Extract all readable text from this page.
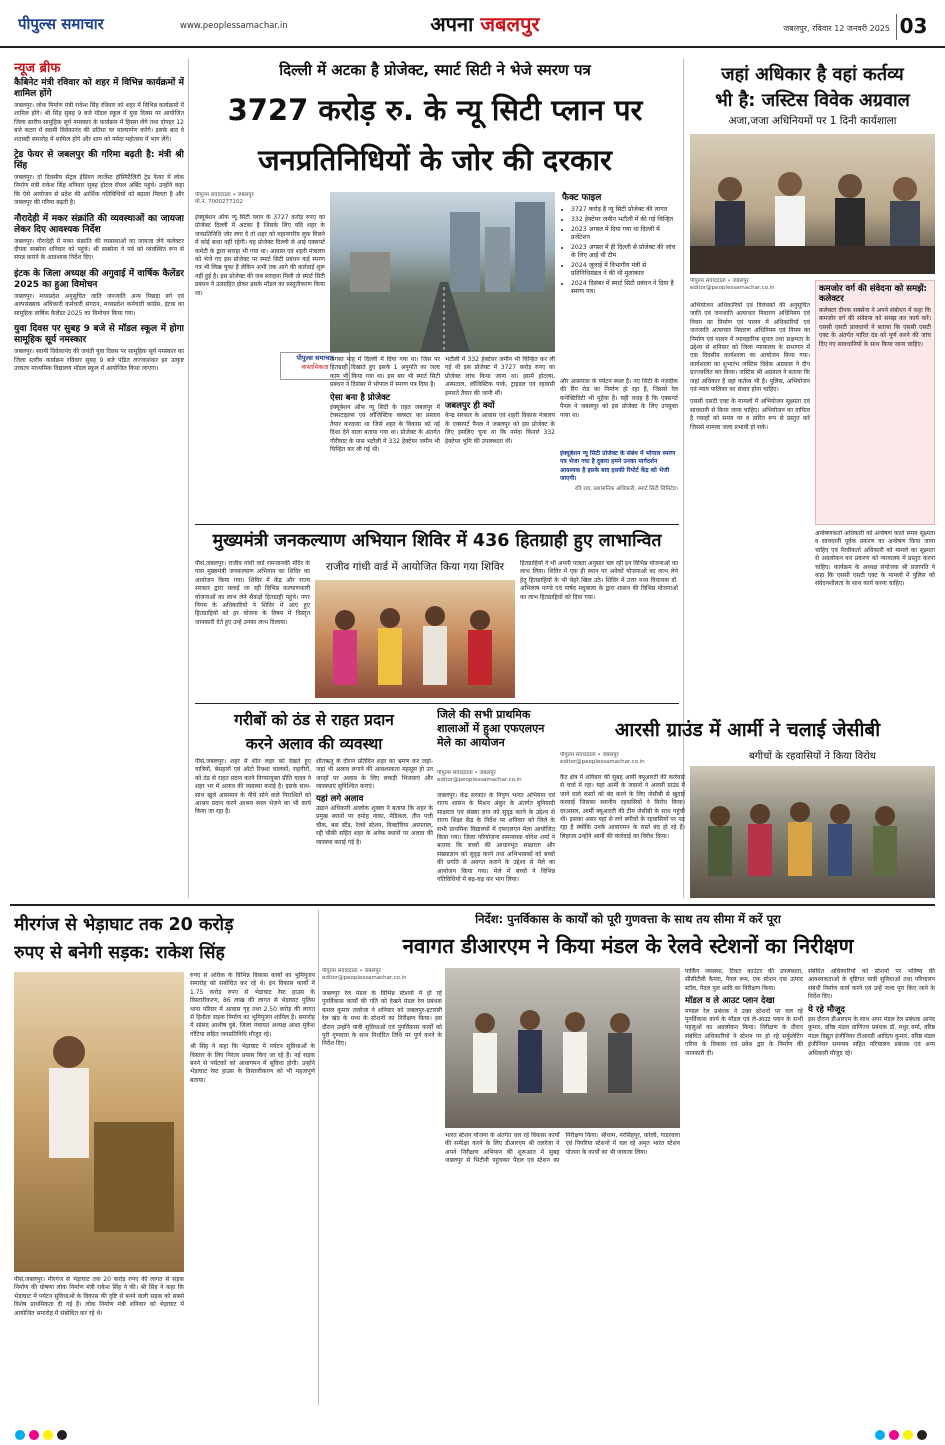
पीपुल्स समाचार	www.peoplessamachar.in	अपना जबलपुर	जबलपुर, रविवार 12 जनवरी 2025 03
न्यूज ब्रीफ
कैबिनेट मंत्री रविवार को शहर में विभिन्न कार्यक्रमों में शामिल होंगे

जबलपुर। लोक निर्माण मंत्री राकेश सिंह रविवार को शहर में विभिन्न कार्यक्रमों में शामिल होंगे। श्री सिंह सुबह 9 बजे मॉडल स्कूल में युवा दिवस पर आयोजित जिला स्तरीय सामूहिक सूर्य नमस्कार के कार्यक्रम में हिस्सा लेंगे तथा दोपहर 12 बजे कटरा में स्वामी विवेकानंद की प्रतिमा पर माल्यार्पण करेंगे। इसके बाद वे शताब्दी समारोह में शामिल होंगे और शाम को नर्मदा महोत्सव में भाग लेंगे।

ट्रेड फेयर से जबलपुर की गरिमा बढ़ती है: मंत्री श्री सिंह

जबलपुर। दो दिवसीय सेंट्रल इंडियन लार्जेस्ट हॉस्पिटैलिटी ट्रेड फेयर में लोक निर्माण मंत्री राकेश सिंह शनिवार सुबह होटल रॉयल अर्बिट पहुंचे। उन्होंने कहा कि ऐसे आयोजन से प्रदेश की आर्थिक गतिविधियों को बढ़ावा मिलता है और जबलपुर की गरिमा बढ़ती है।

नौरादेही में मकर संक्रांति की व्यवस्थाओं का जायजा लेकर दिए आवश्यक निर्देश

जबलपुर। नौरादेही में मकर संक्रांति की व्यवस्थाओं का जायजा लेने कलेक्टर दीपक सक्सेना शनिवार को पहुंचे। श्री सक्सेना ने पर्व को व्यवस्थित रूप से संपन्न कराने के आवश्यक निर्देश दिए।

इंटक के जिला अध्यक्ष की अगुवाई में वार्षिक कैलेंडर 2025 का हुआ विमोचन

जबलपुर। मध्यप्रदेश अनुसूचित जाति जनजाति अन्य पिछड़ा वर्ग एवं अल्पसंख्यक अधिकारी कर्मचारी संगठन, मध्यप्रदेश कर्मचारी कांग्रेस, इंटक का सामूहिक वार्षिक कैलेंडर 2025 का विमोचन किया गया।

युवा दिवस पर सुबह 9 बजे से मॉडल स्कूल में होगा सामूहिक सूर्य नमस्कार

जबलपुर। स्वामी विवेकानंद की जयंती युवा दिवस पर सामूहिक सूर्य नमस्कार का जिला स्तरीय कार्यक्रम रविवार सुबह 9 बजे पंडित लज्जाशंकर झा उत्कृष्ट उच्चतर माध्यमिक विद्यालय मॉडल स्कूल में आयोजित किया जाएगा।

दिल्ली में अटका है प्रोजेक्ट, स्मार्ट सिटी ने भेजे स्मरण पत्र
3727 करोड़ रु. के न्यू सिटी प्लान पर
जनप्रतिनिधियों के जोर की दरकार
फैक्ट फाइल
• 3727 करोड़ है न्यू सिटी प्रोजेक्ट की लागत
• 332 हेक्टेयर जमीन भटौली में की गई चिन्हित
• 2023 अगस्त में दिया गया था दिल्ली में प्रजेंटेशन
• 2023 अगस्त में ही दिल्ली से प्रोजेक्ट की जांच के लिए आई थी टीम
• 2024 जुलाई में विभागीय मंत्री से प्रतिनिधिमंडल ने की थी मुलाकात
• 2024 दिसंबर में स्मार्ट सिटी प्रबंधन ने दिया है स्मरण पत्र।
पीपुल्स संवाददाता • जबलपुर
मो.नं. 7000277102

इंक्यूबेशन ऑफ न्यू सिटी प्लान के 3727 करोड़ रुपए का प्रोजेक्ट दिल्ली में अटका है जिसके लिए यदि शहर के जनप्रतिनिधि जोर लगा दें तो शहर को महानगरीय लुक मिलने में कोई बाधा नहीं रहेगी। यह प्रोजेक्ट दिल्ली से आई एक्सपर्ट कमेटी के द्वारा सराहा भी गया था। आवास एवं शहरी मंत्रालय को भेजे गए इस प्रोजेक्ट पर स्मार्ट सिटी प्रबंधन कई स्मरण पत्र भी लिख चुका है लेकिन अभी तक आगे की कार्रवाई शुरू नहीं हुई है। इस प्रोजेक्ट की जब सराहना मिली तो स्मार्ट सिटी प्रबंधन ने उत्साहित होकर इसके मॉडल का प्रस्तुतीकरण किया था।

पीपुल्स समाचार
वास्तविकता

अगस्त माह में दिल्ली में दिया गया था। जिस पर हितग्राही दिखाते हुए इसके 1 अनुमति का जल्द काम भी किया गया था। इस बार भी स्मार्ट सिटी प्रबंधन ने दिसंबर में भोपाल में स्मरण पत्र दिया है।

ऐसा बना है प्रोजेक्ट

इंक्यूबेशन ऑफ न्यू सिटी के तहत जबलपुर में टेक्सटाइल्स एवं लॉजिस्टिक क्लस्टर का प्रस्ताव तैयार करवाया था जिसे शहर के विकास को नई दिशा देने वाला बताया गया था। प्रोजेक्ट के अंतर्गत गौरीघाट के पास भटौली में 332 हेक्टेयर जमीन भी चिन्हित कर ली गई थी।

भटौली में 332 हेक्टेयर जमीन भी चिन्हित कर ली गई थी इस प्रोजेक्ट में 3727 करोड़ रुपए का प्रोजेक्ट लांच किया जाना था। इसमें होटल्स, अस्पताल, लॉजिस्टिक पार्क, ट्राइडल एवं रहवासी इमारतें तैयार की जानी थीं।

जबलपुर ही क्यों

केन्द्र सरकार के आवास एवं शहरी विकास मंत्रालय के एक्सपर्ट पैनल ने जबलपुर को इस प्रोजेक्ट के लिए इसलिए चुना था कि नर्मदा किनारे 332 हेक्टेयर भूमि की उपलब्धता थी।

और आसपास के पर्यटन स्थल हैं। नए सिटी के नजदीक की रिंग रोड का निर्माण हो रहा है, जिससे रेल कनेक्टिविटी भी मुहैया है। यही वजह है कि एक्सपर्ट पैनल ने जबलपुर को इस प्रोजेक्ट के लिए उपयुक्त पाया था।

इंक्यूबेशन न्यू सिटी प्रोजेक्ट के संबंध में भोपाल स्मरण पत्र भेजा गया है दुबारा हमने उनका मार्गदर्शन आवश्यक है इसके बाद इसकी रिपोर्ट केंद्र को भेजी जाएगी।
रवि राव, प्रशासनिक अधिकारी, स्मार्ट सिटी लिमिटेड।
जहां अधिकार है वहां कर्तव्य
भी है: जस्टिस विवेक अग्रवाल
अजा,जजा अधिनियमों पर 1 दिनी कार्यशाला
पीपुल्स संवाददाता • जबलपुर
editor@peoplessamachar.co.in

अभियोजन अधिकारियों एवं विवेचकों की अनुसूचित जाति एवं जनजाति अत्याचार निवारण अधिनियम एवं नियम का निर्माण एवं पालन में अधिकारियों एवं जनजाति अत्याचार निवारण अधिनियम एवं नियम का निर्माण एवं पालन में व्यावहारिक सुधार तथा सक्षमता के उद्देश्य से शनिवार को जिला न्यायालय के सभागार में एक दिवसीय कार्यशाला का आयोजन किया गया। कार्यशाला का शुभारंभ जस्टिस विवेक अग्रवाल ने दीप प्रज्ज्वलित कर किया। जस्टिस श्री अग्रवाल ने बताया कि जहां अधिकार है वहां कर्तव्य भी है। पुलिस, अभियोजन एवं न्याय पालिका का संवाद होना चाहिए।

एससी एसटी एक्ट के मामलों में अभियोजन सूक्ष्मता एवं सावधानी से किया जाना चाहिए। अभियोजन का दायित्व है गवाहों को समय पर व त्वरित रूप से प्रस्तुत करें जिससे मामला जल्द प्रभावी हो सके।

कमजोर वर्ग की संवेदना को समझें: कलेक्टर

कलेक्टर दीपक सक्सेना ने अपने संबोधन में कहा कि कमजोर वर्ग की संवेदना को समझ कर कार्य करें। एससी एसटी प्रावधानों ने बताया कि एससी एसटी एक्ट के अंतर्गत पारित दंड को पूर्ण करने की जांच दिए गए सावधानियों के साथ किया जाना चाहिए।

अन्वेषणकर्ता अधिकारी को अन्वेषण करते समय सूक्ष्मता व सावधानी पूर्वक प्रकरण का अन्वेषण किया जाना चाहिए एवं पैरवीकर्ता अधिकारी को मामले का सूक्ष्मता से अवलोकन कर प्रकरण को न्यायालय में प्रस्तुत करना चाहिए। कार्यक्रम के अध्यक्ष संयोजक श्री प्रजापति ने कहा कि एससी एसटी एक्ट के मामलों में पुलिस को संवेदनशीलता के साथ कार्य करना चाहिए।

मुख्यमंत्री जनकल्याण अभियान शिविर में 436 हितग्राही हुए लाभान्वित
राजीव गांधी वार्ड में आयोजित किया गया शिविर

पीसं,जबलपुर। राजीव गांधी वार्ड रामजानकी मंदिर के पास मुख्यमंत्री जनकल्याण अभियान का शिविर का आयोजन किया गया। शिविर में केंद्र और राज्य सरकार द्वारा चलाई जा रही विभिन्न कल्याणकारी योजनाओं का लाभ लेने सैकड़ों हितग्राही पहुंचे। नगर निगम के अधिकारियों ने शिविर में आए हुए हितग्राहियों को हर योजना के विषय में विस्तृत जानकारी देते हुए उन्हें उनका लाभ दिलाया।

हितग्राहियों ने भी अपनी पात्रता अनुसार चल रही इन विभिन्न योजनाओं का लाभ लिया। शिविर में एक ही स्थान पर अनेकों योजनाओं का लाभ लेने हेतु हितग्राहियों के भी चेहरे खिल उठे। शिविर में उत्तर मध्य विधायक डॉ. अभिलाष पाण्डे एवं पार्षद मधुबाला के द्वारा शासन की विभिन्न योजनाओं का लाभ हितग्राहियों को दिया गया।

गरीबों को ठंड से राहत प्रदान
करने अलाव की व्यवस्था
जिले की सभी प्राथमिक
शालाओं में हुआ एफएलएन
मेले का आयोजन
पीपुल्स संवाददाता • जबलपुर
editor@peoplessamachar.co.in

जबलपुर। केंद्र सरकार के निपुण भारत अभियान एवं राज्य शासन के मिशन अंकुर के अंतर्गत बुनियादी साक्षरता एवं संख्या ज्ञान को सुदृढ़ करने के उद्देश्य से राज्य शिक्षा केंद्र के निर्देश पर शनिवार को जिले के सभी प्राथमिक विद्यालयों में एफएलएन मेला आयोजित किया गया। जिला परियोजना समन्वयक योगेश शर्मा ने बताया कि बच्चों की आधारभूत साक्षरता और संख्याज्ञान को सुदृढ़ करने तथा अभिभावकों को बच्चों की प्रगति से अवगत कराने के उद्देश्य से मेले का आयोजन किया गया। मेले में बच्चों ने विभिन्न गतिविधियों में बढ़-चढ़ कर भाग लिया।

आरसी ग्राउंड में आर्मी ने चलाई जेसीबी
बगीचों के रहवासियों ने किया विरोध
पीपुल्स संवाददाता • जबलपुर
editor@peoplessamachar.co.in

कैंट क्षेत्र में शनिवार की सुबह आर्मी क्यूआरटी की कार्रवाई से चर्चा में रहा। यहां आर्मी के जवानों ने आरसी ग्राउंड में जाने वाले रास्तों को बंद करने के लिए जेसीबी से खुदाई करवाई जिसका स्थानीय रहवासियों ने विरोध किया। दरअसल, आर्मी क्यूआरटी की टीम जेसीबी के साथ पहुंची थी। इसका असर यहां से लगे बगीचों के रहवासियों पर पड़ रहा है क्योंकि उनके आवागमन के रास्ते बंद हो रहे हैं। लिहाजा उन्होंने आर्मी की कार्रवाई का विरोध किया।

मीरगंज से भेड़ाघाट तक 20 करोड़
रुपए से बनेगी सड़क: राकेश सिंह

पीसं,जबलपुर। मीरगंज से भेड़ाघाट तक 20 करोड़ रुपए की लागत से सड़क निर्माण की घोषणा लोक निर्माण मंत्री राकेश सिंह ने की। श्री सिंह ने कहा कि भेड़ाघाट में पर्यटन सुविधाओं के विकास की दृष्टि से बनने वाली सड़क को सबसे विशेष प्राथमिकता दी गई है। लोक निर्माण मंत्री शनिवार को भेड़ाघाट में आयोजित समारोह में संबोधित कर रहे थे।

रुपए से अधिक के विभिन्न विकास कार्यों का भूमिपूजन समारोह को संबोधित कर रहे थे। इन विकास कार्यों में 1.75 करोड़ रुपए से भेड़ाघाट रेस्ट हाउस के विस्तारीकरण, 86 लाख की लागत से भेड़ाघाट पुलिस थाना परिसर में आवास गृह तथा 2.50 करोड़ की लागत से हिनौता सड़क निर्माण का भूमिपूजन शामिल है। समारोह में सांसद आशीष दुबे, जिला पंचायत अध्यक्ष आशा मुकेश गोंटिया सहित जनप्रतिनिधि मौजूद रहे।

श्री सिंह ने कहा कि भेड़ाघाट में पर्यटन सुविधाओं के विस्तार के लिए निरंतर प्रयास किए जा रहे हैं। नई सड़क बनने से पर्यटकों को आवागमन में सुविधा होगी। उन्होंने भेड़ाघाट रेस्ट हाउस के विस्तारीकरण को भी महत्वपूर्ण बताया।

निर्देश: पुनर्विकास के कार्यों को पूरी गुणवत्ता के साथ तय सीमा में करें पूरा
नवागत डीआरएम ने किया मंडल के रेलवे स्टेशनों का निरीक्षण
पीपुल्स संवाददाता • जबलपुर
editor@peoplessamachar.co.in

जबलपुर रेल मंडल के विभिन्न स्टेशनों में हो रहे पुनर्विकास कार्यों की गति को देखने मंडल रेल प्रबंधक कमल कुमार तलरेजा ने शनिवार को जबलपुर-इटारसी रेल खंड के मध्य के स्टेशनों का निरीक्षण किया। इस दौरान उन्होंने यात्री सुविधाओं एवं पुनर्विकास कार्यों को पूरी गुणवत्ता के साथ निर्धारित तिथि पर पूर्ण करने के निर्देश दिए।

भारत स्टेशन योजना के अंतर्गत चल रहे विकास कार्यों की समीक्षा करने के लिए डीआरएम श्री तलरेजा ने अपने निरीक्षण अभियान की शुरूआत में सुबह जबलपुर से भिटौनी पहुंचकर पैदल एवं स्टेशन का निरीक्षण किया। श्रीधाम, नरसिंहपुर, करेली, गाडरवारा एवं पिपरिया स्टेशनों में चल रहे अमृत भारत स्टेशन योजना के कार्यों का भी जायजा लिया।

पार्किंग व्यवस्था, टिकट काउंटर की उपलब्धता, सीसीटीवी कैमरा, पैनल रूम, एक स्टेशन एक उत्पाद स्टॉल, पैदल पुल आदि का निरीक्षण किया।

मॉडल व ले आउट प्लान देखा

मण्डल रेल प्रबंधक ने उक्त स्टेशनों पर चल रहे पुनर्विकास कार्य के मॉडल एवं ले-आउट प्लान के सभी पहलुओं का अवलोकन किया। निरीक्षण के दौरान संबंधित अधिकारियों ने स्टेशन पर हो रहे सर्कुलेटिंग एरिया के विकास एवं प्रवेश द्वार के निर्माण की जानकारी दी।

संबंधित अधिकारियों को स्टेशनों पर भविष्य की आवश्यकताओं के दृष्टिगत यात्री सुविधाओं तथा परिचालन संबंधी निर्माण कार्य करने एवं उन्हें जल्द पूरा किए जाने के निर्देश दिए।

ये रहे मौजूद

इस दौरान डीआरएम के साथ अपर मंडल रेल प्रबंधक आनंद कुमार, वरिष्ठ मंडल वाणिज्य प्रबंधक डॉ. मधुर वर्मा, वरिष्ठ मंडल विद्युत इंजीनियर टीआरडी आदित्य कुमार, वरिष्ठ मंडल इंजीनियर समन्वय सहित परिचालन प्रबंधक एवं अन्य अधिकारी मौजूद रहे।

पीसं,जबलपुर। शहर में शीत लहर को देखते हुए यात्रियों, बेसहारों एवं ऑटो रिक्शा चालकों, राहगीरों, को ठंड से राहत प्रदान करने निगमायुक्त प्रीति यादव ने शहर भर में अलाव की व्यवस्था कराई है। इसके साथ-साथ खुले आसमान के नीचे सोने वाले निराश्रितों को आश्रय प्रदान करने आश्रय स्थल भेजने का भी कार्य किया जा रहा है।

शीतऋतु के दौरान प्रतिदिन शहर का भ्रमण कर जहां-जहां भी अलाव लगाने की आवश्यकता महसूस हो उन जगहों पर अलाव के लिए लकड़ी भिजवाएं और व्यवस्थाएं सुनिश्चित कराएं।

यहां लगे अलाव

उद्यान अधिकारी आलोक शुक्ला ने बताया कि शहर के प्रमुख स्थानों पर दमोह नाका, मेडिकल, तीन पत्ती चौक, बस स्टैंड, रेलवे स्टेशन, विक्टोरिया अस्पताल, रद्दी चौकी सहित शहर के अनेक स्थानों पर अलाव की व्यवस्था कराई गई है।
